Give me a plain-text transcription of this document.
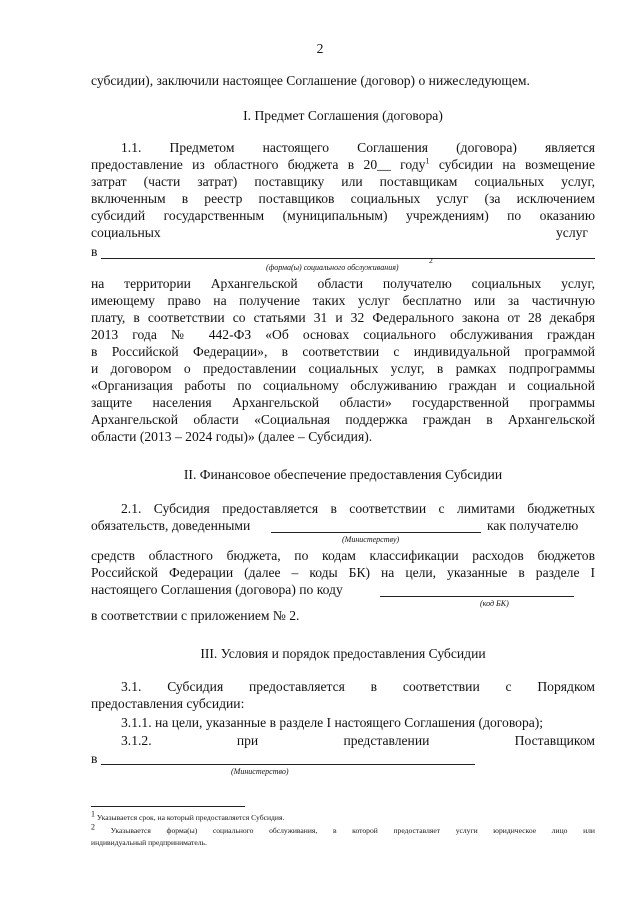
2
субсидии), заключили настоящее Соглашение (договор) о нижеследующем.
I. Предмет Соглашения (договора)
1.1. Предметом настоящего Соглашения (договора) является
предоставление из областного бюджета в 20__ году$^1$ субсидии на возмещение
затрат (части затрат) поставщику или поставщикам социальных услуг,
включенным в реестр поставщиков социальных услуг (за исключением
субсидий государственным (муниципальным) учреждениям) по оказанию
социальных	услуг
в
(форма(ы) социального обслуживания)
2
на территории Архангельской области получателю социальных услуг,
имеющему право на получение таких услуг бесплатно или за частичную
плату, в соответствии со статьями 31 и 32 Федерального закона от 28 декабря
2013 года № 442-ФЗ «Об основах социального обслуживания граждан
в Российской Федерации», в соответствии с индивидуальной программой
и договором о предоставлении социальных услуг, в рамках подпрограммы
«Организация работы по социальному обслуживанию граждан и социальной
защите населения Архангельской области» государственной программы
Архангельской области «Социальная поддержка граждан в Архангельской
области (2013 – 2024 годы)» (далее – Субсидия).
II. Финансовое обеспечение предоставления Субсидии
2.1. Субсидия предоставляется в соответствии с лимитами бюджетных
обязательств, доведенными	как получателю
(Министерству)
средств областного бюджета, по кодам классификации расходов бюджетов
Российской Федерации (далее – коды БК) на цели, указанные в разделе I
настоящего Соглашения (договора) по коду
(код БК)
в соответствии с приложением № 2.
III. Условия и порядок предоставления Субсидии
3.1. Субсидия предоставляется в соответствии с Порядком
предоставления субсидии:
3.1.1. на цели, указанные в разделе I настоящего Соглашения (договора);
3.1.2. при представлении Поставщиком
в
(Министерство)
1 Указывается срок, на который предоставляется Субсидия.
2 Указывается форма(ы) социального обслуживания, в которой предоставляет услуги юридическое лицо или
индивидуальный предприниматель.
